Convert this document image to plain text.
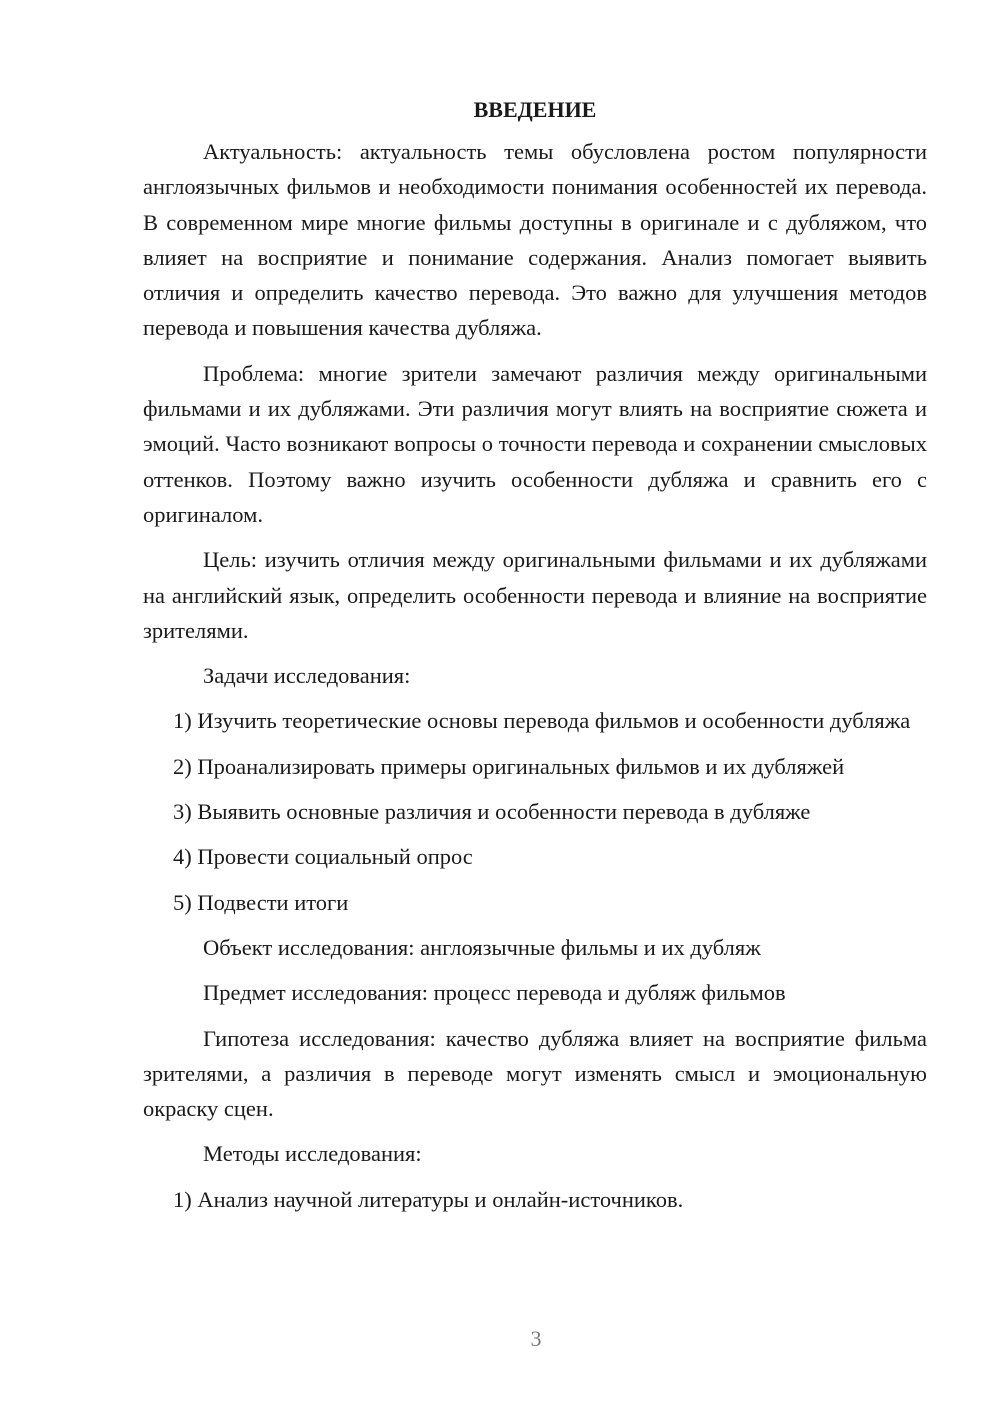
ВВЕДЕНИЕ

Актуальность: актуальность темы обусловлена ростом популярности англоязычных фильмов и необходимости понимания особенностей их перевода. В современном мире многие фильмы доступны в оригинале и с дубляжом, что влияет на восприятие и понимание содержания. Анализ помогает выявить отличия и определить качество перевода. Это важно для улучшения методов перевода и повышения качества дубляжа.

Проблема: многие зрители замечают различия между оригинальными фильмами и их дубляжами. Эти различия могут влиять на восприятие сюжета и эмоций. Часто возникают вопросы о точности перевода и сохранении смысловых оттенков. Поэтому важно изучить особенности дубляжа и сравнить его с оригиналом.

Цель: изучить отличия между оригинальными фильмами и их дубляжами на английский язык, определить особенности перевода и влияние на восприятие зрителями.

Задачи исследования:

1) Изучить теоретические основы перевода фильмов и особенности дубляжа

2) Проанализировать примеры оригинальных фильмов и их дубляжей

3) Выявить основные различия и особенности перевода в дубляже

4) Провести социальный опрос

5) Подвести итоги

Объект исследования: англоязычные фильмы и их дубляж
Предмет исследования: процесс перевода и дубляж фильмов

Гипотеза исследования: качество дубляжа влияет на восприятие фильма зрителями, а различия в переводе могут изменять смысл и эмоциональную окраску сцен.

Методы исследования:

1) Анализ научной литературы и онлайн-источников.

3
